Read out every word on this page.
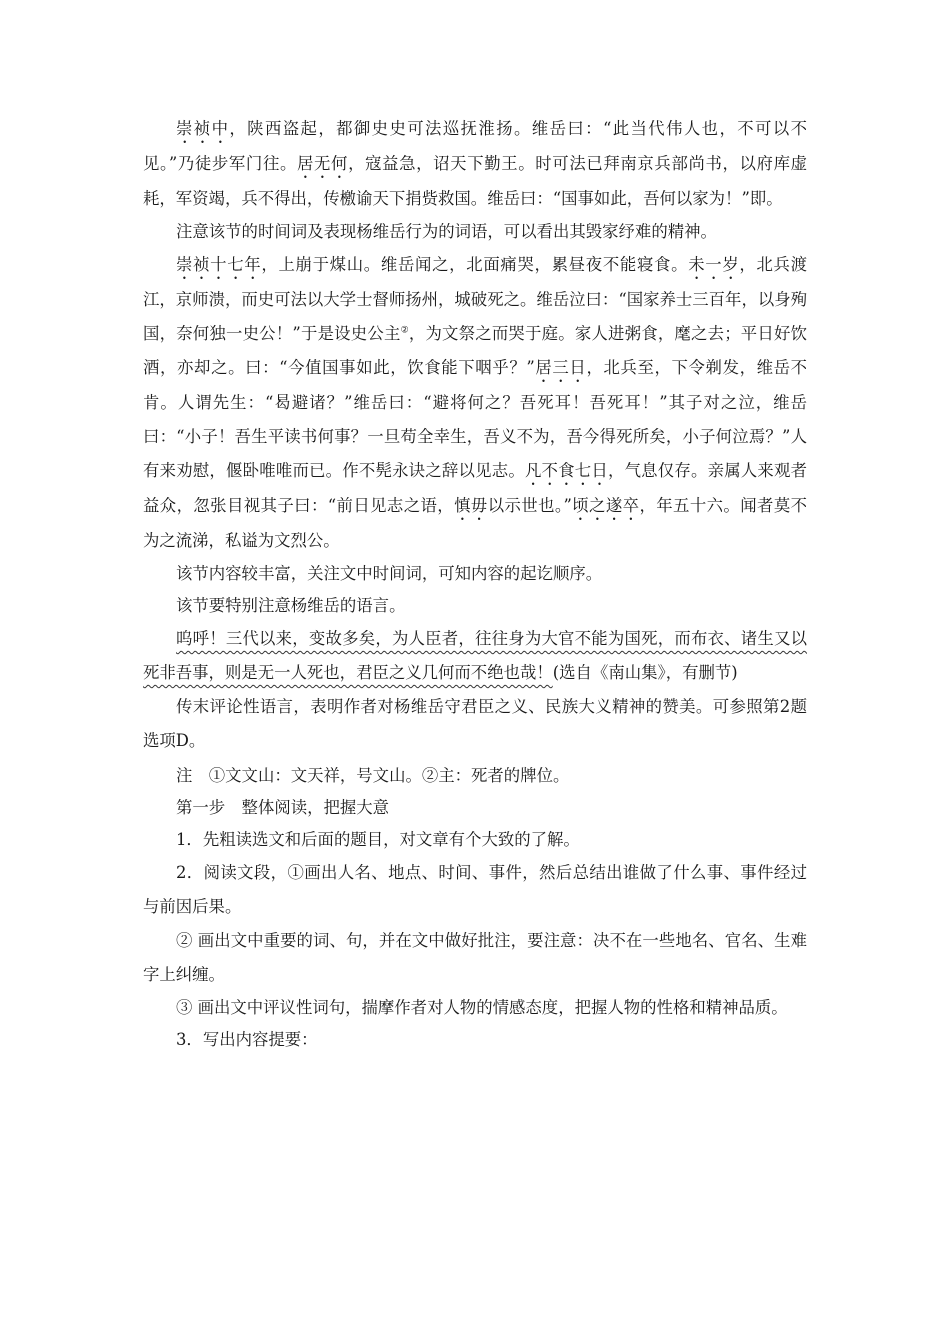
崇祯中，陕西盗起，都御史史可法巡抚淮扬。维岳曰：“此当代伟人也，不可以不见。”乃徒步军门往。居无何，寇益急，诏天下勤王。时可法已拜南京兵部尚书，以府库虚耗，军资竭，兵不得出，传檄谕天下捐赀救国。维岳曰：“国事如此，吾何以家为！”即。

注意该节的时间词及表现杨维岳行为的词语，可以看出其毁家纾难的精神。

崇祯十七年，上崩于煤山。维岳闻之，北面痛哭，累昼夜不能寝食。未一岁，北兵渡江，京师溃，而史可法以大学士督师扬州，城破死之。维岳泣曰：“国家养士三百年，以身殉国，奈何独一史公！”于是设史公主②，为文祭之而哭于庭。家人进粥食，麾之去；平日好饮酒，亦却之。曰：“今值国事如此，饮食能下咽乎？”居三日，北兵至，下令剃发，维岳不肯。人谓先生：“曷避诸？”维岳曰：“避将何之？吾死耳！吾死耳！”其子对之泣，维岳曰：“小子！吾生平读书何事？一旦苟全幸生，吾义不为，吾今得死所矣，小子何泣焉？”人有来劝慰，偃卧唯唯而已。作不髡永诀之辞以见志。凡不食七日，气息仅存。亲属人来观者益众，忽张目视其子曰：“前日见志之语，慎毋以示世也。”顷之遂卒，年五十六。闻者莫不为之流涕，私谥为文烈公。

该节内容较丰富，关注文中时间词，可知内容的起讫顺序。

该节要特别注意杨维岳的语言。

呜呼！三代以来，变故多矣，为人臣者，往往身为大官不能为国死，而布衣、诸生又以死非吾事，则是无一人死也，君臣之义几何而不绝也哉！(选自《南山集》，有删节)

传末评论性语言，表明作者对杨维岳守君臣之义、民族大义精神的赞美。可参照第2题选项D。

注　①文文山：文天祥，号文山。②主：死者的牌位。

第一步　整体阅读，把握大意

1．先粗读选文和后面的题目，对文章有个大致的了解。

2．阅读文段，①画出人名、地点、时间、事件，然后总结出谁做了什么事、事件经过与前因后果。

② 画出文中重要的词、句，并在文中做好批注，要注意：决不在一些地名、官名、生难字上纠缠。

③ 画出文中评议性词句，揣摩作者对人物的情感态度，把握人物的性格和精神品质。

3．写出内容提要：
